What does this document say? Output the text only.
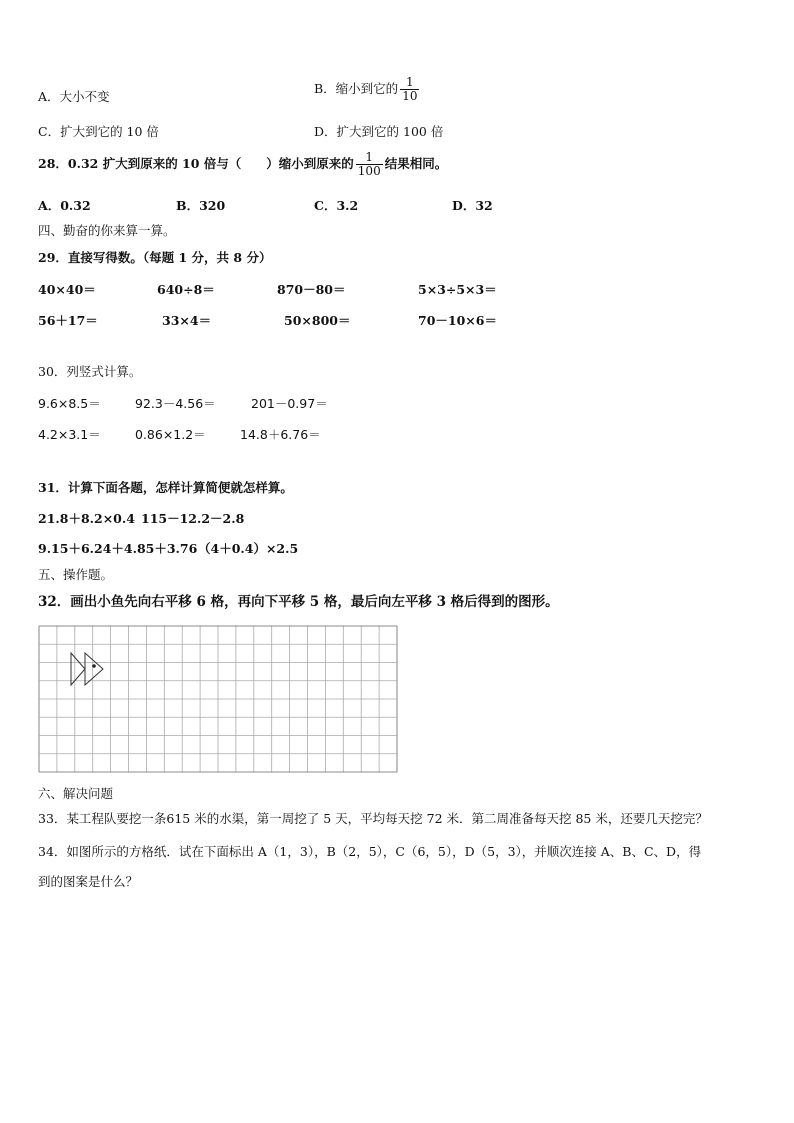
A．大小不变
B．缩小到它的 $\frac{1}{10}$
C．扩大到它的 10 倍	D．扩大到它的 100 倍
28．0.32 扩大到原来的 10 倍与（　　）缩小到原来的 $\frac{1}{100}$ 结果相同。
A．0.32	B．320	C．3.2	D．32
四、勤奋的你来算一算。
29．直接写得数。（每题 1 分，共 8 分）
40×40＝	640÷8＝	870－80＝	5×3÷5×3＝
56＋17＝	33×4＝	50×800＝	70－10×6＝
30．列竖式计算。
9.6×8.5＝	92.3－4.56＝	201－0.97＝
4.2×3.1＝	0.86×1.2＝	14.8＋6.76＝
31．计算下面各题，怎样计算简便就怎样算。
21.8＋8.2×0.4 115－12.2－2.8
9.15＋6.24＋4.85＋3.76 （4＋0.4）×2.5
五、操作题。
32．画出小鱼先向右平移 6 格，再向下平移 5 格，最后向左平移 3 格后得到的图形。
六、解决问题
33．某工程队要挖一条615 米的水渠，第一周挖了 5 天，平均每天挖 72 米．第二周准备每天挖 85 米，还要几天挖完？
34．如图所示的方格纸．试在下面标出 A（1，3），B（2，5），C（6，5），D（5，3），并顺次连接 A、B、C、D，得
到的图案是什么？
